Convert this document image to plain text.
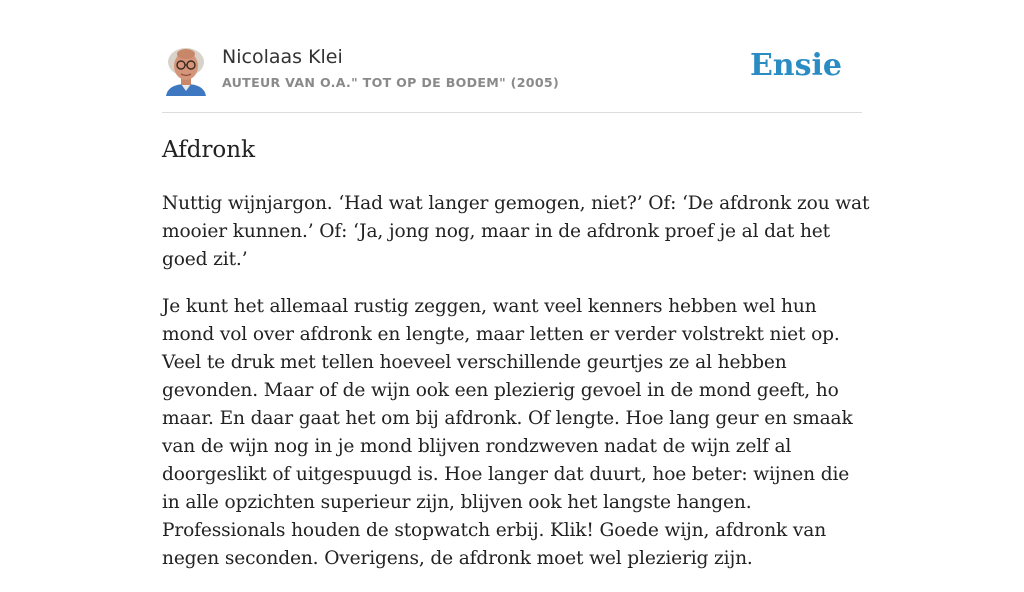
Nicolaas Klei
AUTEUR VAN O.A." TOT OP DE BODEM" (2005)	Ensie
Afdronk

Nuttig wijnjargon. ‘Had wat langer gemogen, niet?’ Of: ‘De afdronk zou wat mooier kunnen.’ Of: ‘Ja, jong nog, maar in de afdronk proef je al dat het goed zit.’

Je kunt het allemaal rustig zeggen, want veel kenners hebben wel hun mond vol over afdronk en lengte, maar letten er verder volstrekt niet op. Veel te druk met tellen hoeveel verschillende geurtjes ze al hebben gevonden. Maar of de wijn ook een plezierig gevoel in de mond geeft, ho maar. En daar gaat het om bij afdronk. Of lengte. Hoe lang geur en smaak van de wijn nog in je mond blijven rondzweven nadat de wijn zelf al doorgeslikt of uitgespuugd is. Hoe langer dat duurt, hoe beter: wijnen die in alle opzichten superieur zijn, blijven ook het langste hangen. Professionals houden de stopwatch erbij. Klik! Goede wijn, afdronk van negen seconden. Overigens, de afdronk moet wel plezierig zijn.
